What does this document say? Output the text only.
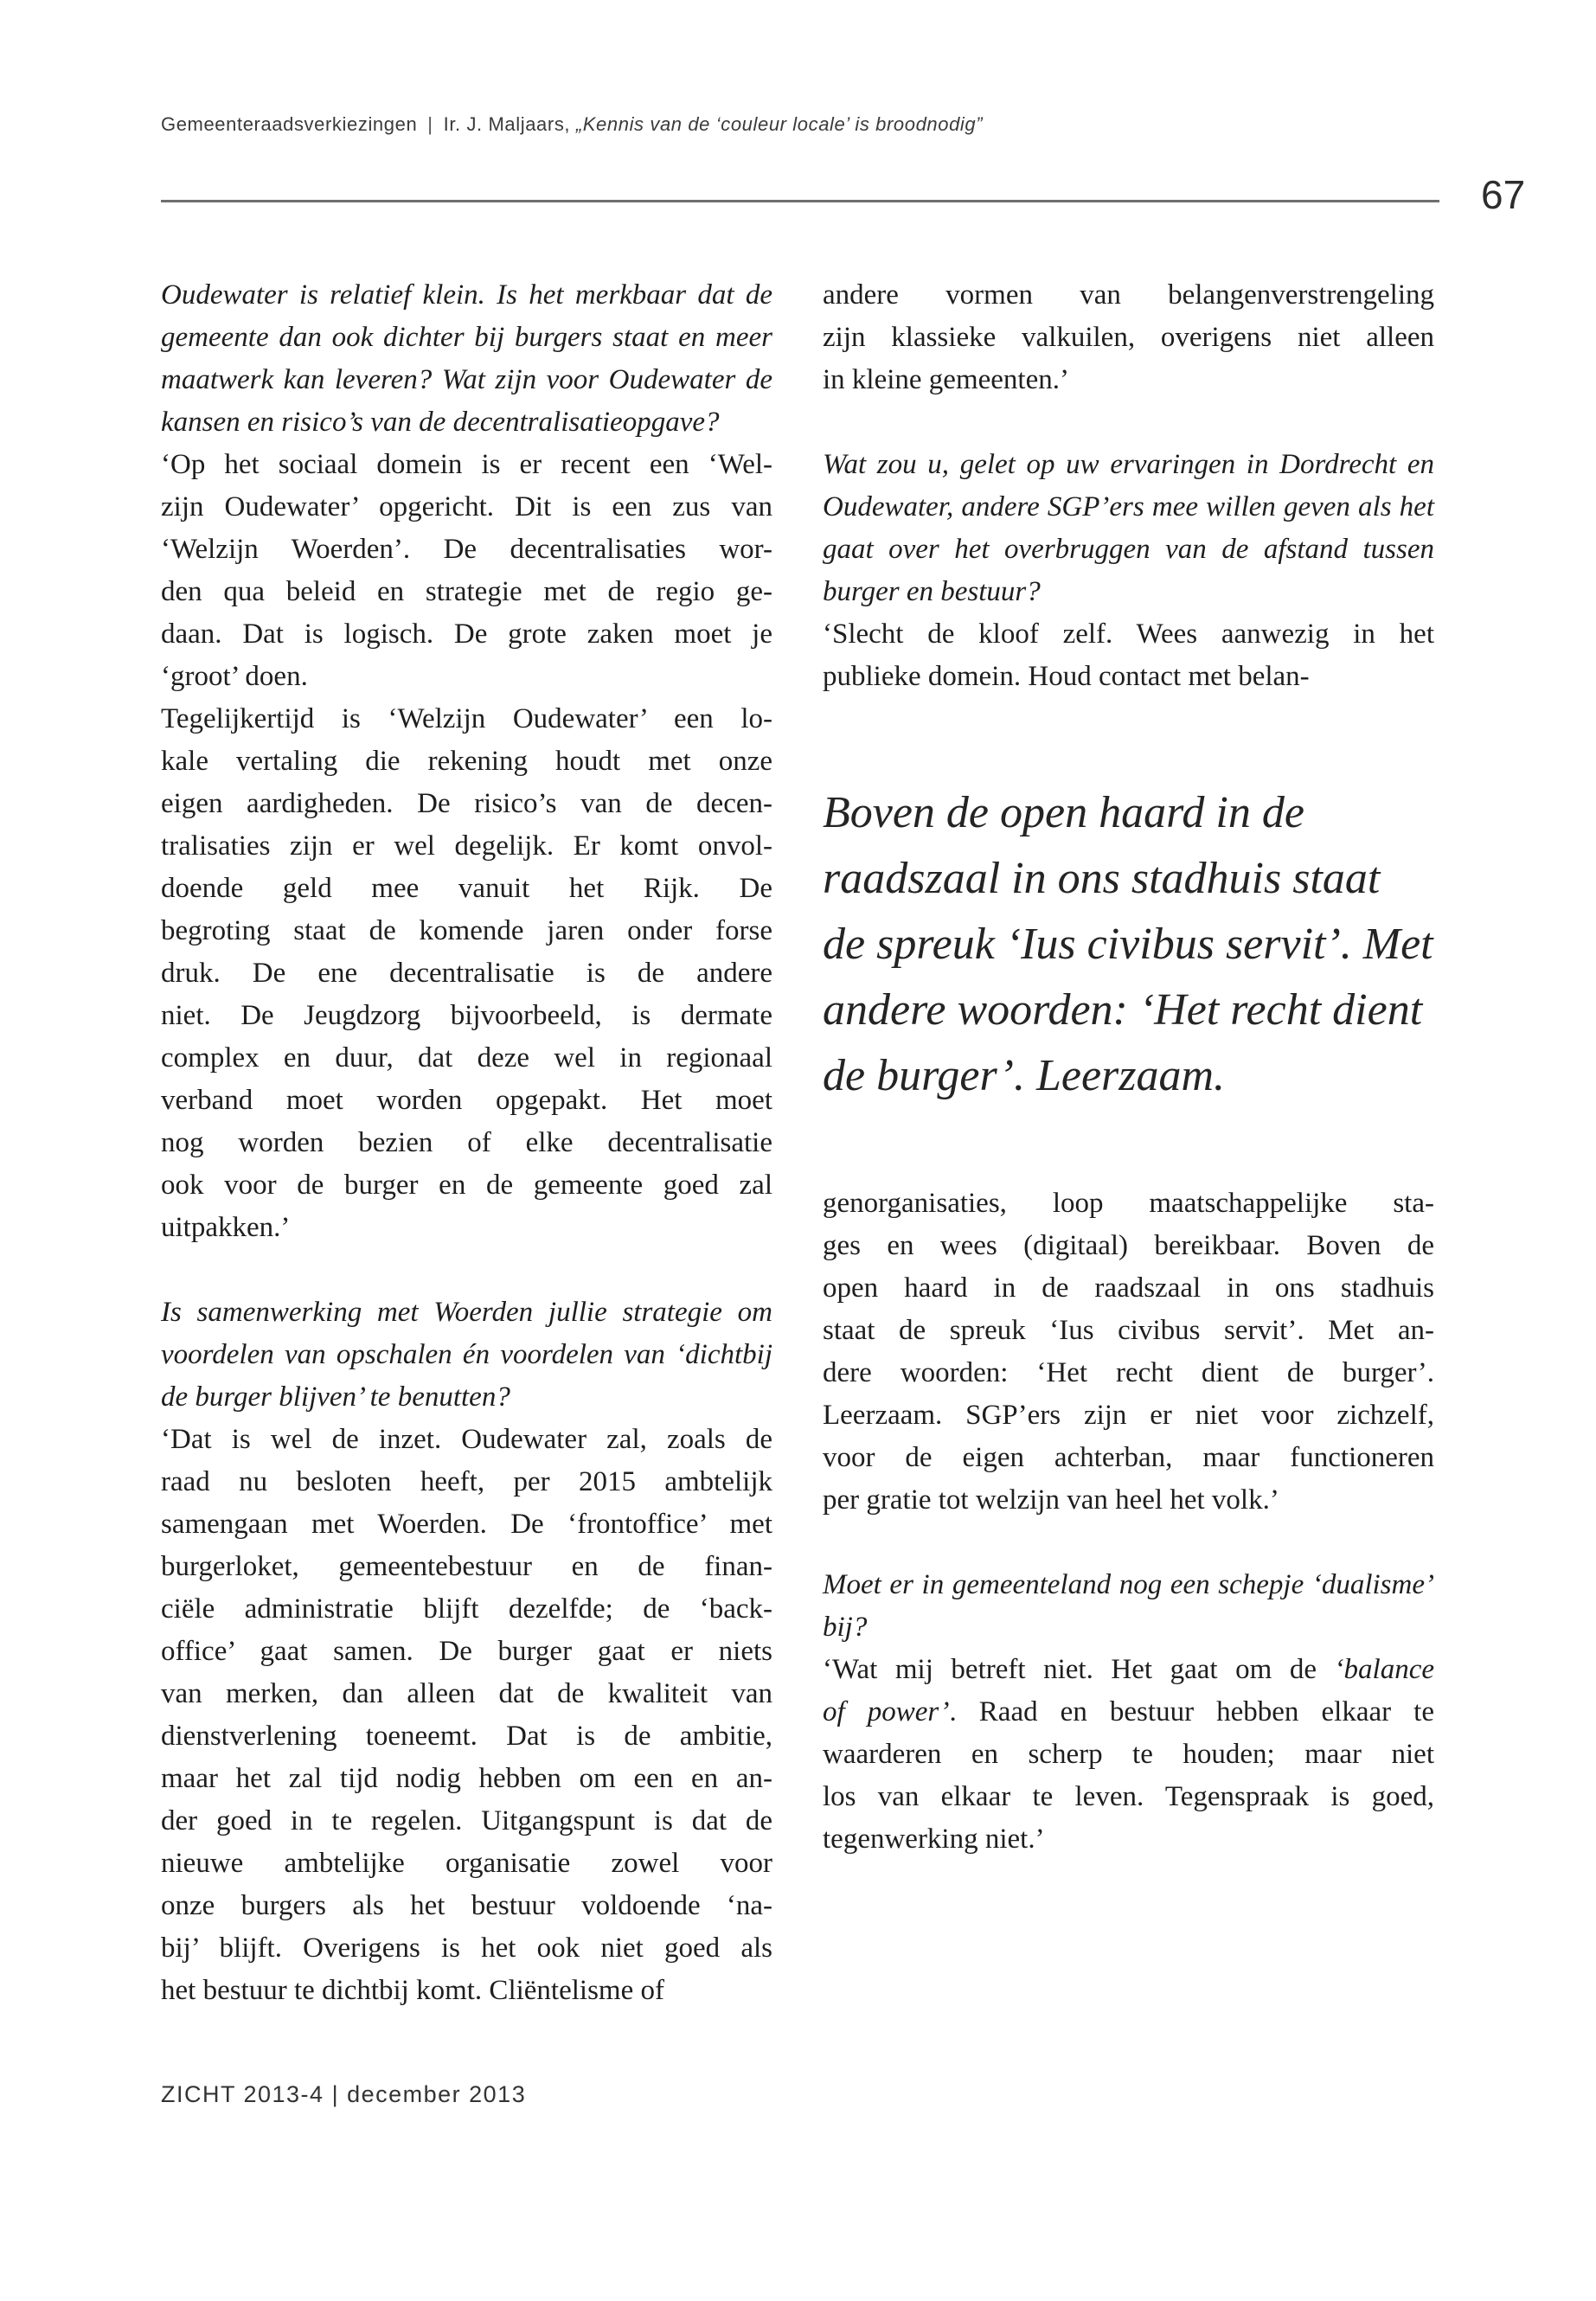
Gemeenteraadsverkiezingen | Ir. J. Maljaars, „Kennis van de ‘couleur locale’ is broodnodig”
67
Oudewater is relatief klein. Is het merkbaar dat de
gemeente dan ook dichter bij burgers staat en meer
maatwerk kan leveren? Wat zijn voor Oudewater de
kansen en risico’s van de decentralisatieopgave?
‘Op het sociaal domein is er recent een ‘Wel-
zijn Oudewater’ opgericht. Dit is een zus van
‘Welzijn Woerden’. De decentralisaties wor-
den qua beleid en strategie met de regio ge-
daan. Dat is logisch. De grote zaken moet je
‘groot’ doen.
Tegelijkertijd is ‘Welzijn Oudewater’ een lo-
kale vertaling die rekening houdt met onze
eigen aardigheden. De risico’s van de decen-
tralisaties zijn er wel degelijk. Er komt onvol-
doende geld mee vanuit het Rijk. De
begroting staat de komende jaren onder forse
druk. De ene decentralisatie is de andere
niet. De Jeugdzorg bijvoorbeeld, is dermate
complex en duur, dat deze wel in regionaal
verband moet worden opgepakt. Het moet
nog worden bezien of elke decentralisatie
ook voor de burger en de gemeente goed zal
uitpakken.’
Is samenwerking met Woerden jullie strategie om
voordelen van opschalen én voordelen van ‘dichtbij
de burger blijven’ te benutten?
‘Dat is wel de inzet. Oudewater zal, zoals de
raad nu besloten heeft, per 2015 ambtelijk
samengaan met Woerden. De ‘frontoffice’ met
burgerloket, gemeentebestuur en de finan-
ciële administratie blijft dezelfde; de ‘back-
office’ gaat samen. De burger gaat er niets
van merken, dan alleen dat de kwaliteit van
dienstverlening toeneemt. Dat is de ambitie,
maar het zal tijd nodig hebben om een en an-
der goed in te regelen. Uitgangspunt is dat de
nieuwe ambtelijke organisatie zowel voor
onze burgers als het bestuur voldoende ‘na-
bij’ blijft. Overigens is het ook niet goed als
het bestuur te dichtbij komt. Cliëntelisme of
andere vormen van belangenverstrengeling
zijn klassieke valkuilen, overigens niet alleen
in kleine gemeenten.’
Wat zou u, gelet op uw ervaringen in Dordrecht en
Oudewater, andere SGP’ers mee willen geven als het
gaat over het overbruggen van de afstand tussen
burger en bestuur?
‘Slecht de kloof zelf. Wees aanwezig in het
publieke domein. Houd contact met belan-
Boven de open haard in de
raadszaal in ons stadhuis staat
de spreuk ‘Ius civibus servit’. Met
andere woorden: ‘Het recht dient
de burger’. Leerzaam.
genorganisaties, loop maatschappelijke sta-
ges en wees (digitaal) bereikbaar. Boven de
open haard in de raadszaal in ons stadhuis
staat de spreuk ‘Ius civibus servit’. Met an-
dere woorden: ‘Het recht dient de burger’.
Leerzaam. SGP’ers zijn er niet voor zichzelf,
voor de eigen achterban, maar functioneren
per gratie tot welzijn van heel het volk.’
Moet er in gemeenteland nog een schepje ‘dualisme’
bij?
‘Wat mij betreft niet. Het gaat om de ‘balance
of power’. Raad en bestuur hebben elkaar te
waarderen en scherp te houden; maar niet
los van elkaar te leven. Tegenspraak is goed,
tegenwerking niet.’
ZICHT 2013-4 | december 2013
